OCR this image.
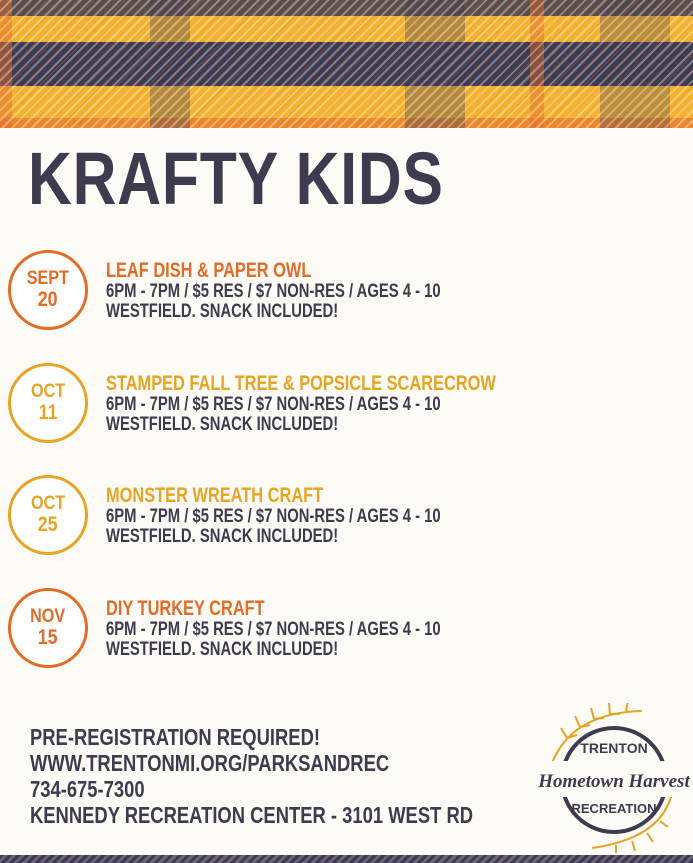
KRAFTY KIDS
SEPT
20
LEAF DISH & PAPER OWL
6PM - 7PM / $5 RES / $7 NON-RES / AGES 4 - 10
WESTFIELD. SNACK INCLUDED!
OCT
11
STAMPED FALL TREE & POPSICLE SCARECROW
6PM - 7PM / $5 RES / $7 NON-RES / AGES 4 - 10
WESTFIELD. SNACK INCLUDED!
OCT
25
MONSTER WREATH CRAFT
6PM - 7PM / $5 RES / $7 NON-RES / AGES 4 - 10
WESTFIELD. SNACK INCLUDED!
NOV
15
DIY TURKEY CRAFT
6PM - 7PM / $5 RES / $7 NON-RES / AGES 4 - 10
WESTFIELD. SNACK INCLUDED!
PRE-REGISTRATION REQUIRED!
WWW.TRENTONMI.ORG/PARKSANDREC
734-675-7300
KENNEDY RECREATION CENTER - 3101 WEST RD
TRENTON
Hometown Harvest
RECREATION
